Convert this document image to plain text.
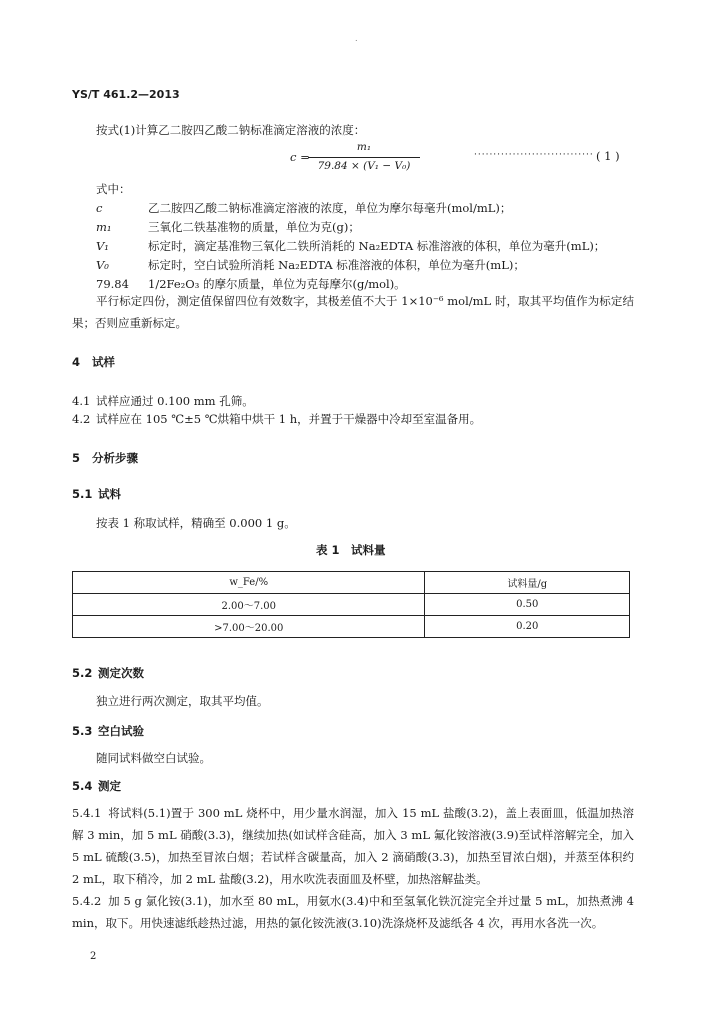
.
YS/T 461.2—2013
按式(1)计算乙二胺四乙酸二钠标准滴定溶液的浓度：
c =
m₁
79.84 × (V₁ − V₀)
······························· ( 1 )
式中：
c	乙二胺四乙酸二钠标准滴定溶液的浓度，单位为摩尔每毫升(mol/mL)；
m₁	三氧化二铁基准物的质量，单位为克(g)；
V₁	标定时，滴定基准物三氧化二铁所消耗的 Na₂EDTA 标准溶液的体积，单位为毫升(mL)；
V₀	标定时，空白试验所消耗 Na₂EDTA 标准溶液的体积，单位为毫升(mL)；
79.84 1/2Fe₂O₃ 的摩尔质量，单位为克每摩尔(g/mol)。
平行标定四份，测定值保留四位有效数字，其极差值不大于 1×10⁻⁶ mol/mL 时，取其平均值作为标定结果；否则应重新标定。
4 试样
4.1 试样应通过 0.100 mm 孔筛。
4.2 试样应在 105 ℃±5 ℃烘箱中烘干 1 h，并置于干燥器中冷却至室温备用。
5 分析步骤
5.1 试料
按表 1 称取试样，精确至 0.000 1 g。
表 1　试料量
w_Fe/%	试料量/g
2.00～7.00	0.50
>7.00～20.00	0.20
5.2 测定次数
独立进行两次测定，取其平均值。
5.3 空白试验
随同试料做空白试验。
5.4 测定
5.4.1 将试料(5.1)置于 300 mL 烧杯中，用少量水润湿，加入 15 mL 盐酸(3.2)，盖上表面皿，低温加热溶解 3 min，加 5 mL 硝酸(3.3)，继续加热(如试样含硅高，加入 3 mL 氟化铵溶液(3.9)至试样溶解完全，加入 5 mL 硫酸(3.5)，加热至冒浓白烟；若试样含碳量高，加入 2 滴硝酸(3.3)，加热至冒浓白烟)，并蒸至体积约 2 mL，取下稍冷，加 2 mL 盐酸(3.2)，用水吹洗表面皿及杯壁，加热溶解盐类。
5.4.2 加 5 g 氯化铵(3.1)，加水至 80 mL，用氨水(3.4)中和至氢氧化铁沉淀完全并过量 5 mL，加热煮沸 4 min，取下。用快速滤纸趁热过滤，用热的氯化铵洗液(3.10)洗涤烧杯及滤纸各 4 次，再用水各洗一次。
2
